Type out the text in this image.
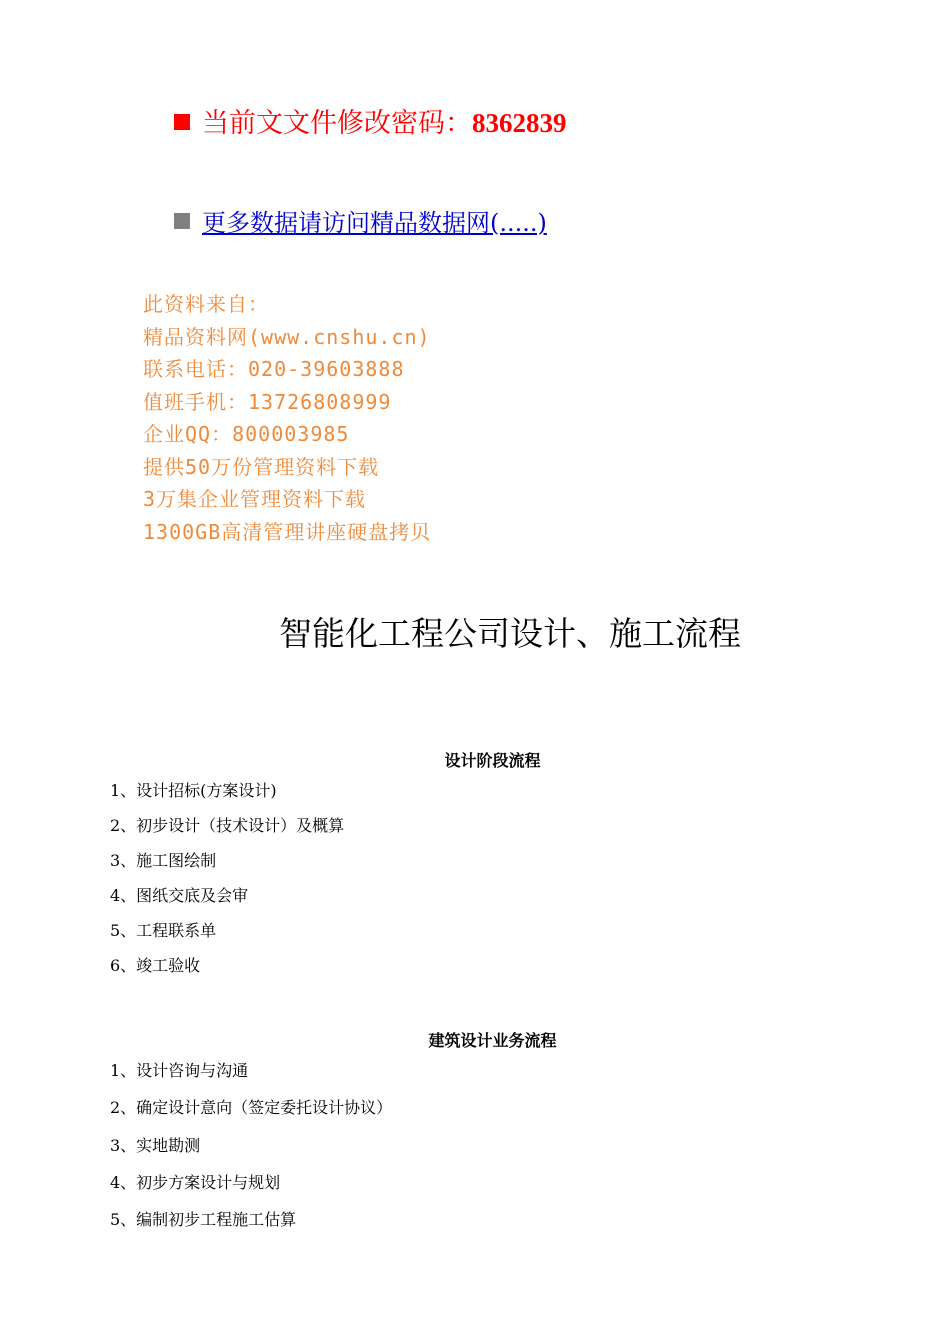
当前文文件修改密码：8362839
更多数据请访问精品数据网(.....)
此资料来自：
精品资料网(www.cnshu.cn)
联系电话：020-39603888
值班手机：13726808999
企业QQ：800003985
提供50万份管理资料下载
3万集企业管理资料下载
1300GB高清管理讲座硬盘拷贝
智能化工程公司设计、施工流程
设计阶段流程
1、设计招标(方案设计)
2、初步设计（技术设计）及概算
3、施工图绘制
4、图纸交底及会审
5、工程联系单
6、竣工验收
建筑设计业务流程
1、设计咨询与沟通
2、确定设计意向（签定委托设计协议）
3、实地勘测
4、初步方案设计与规划
5、编制初步工程施工估算
